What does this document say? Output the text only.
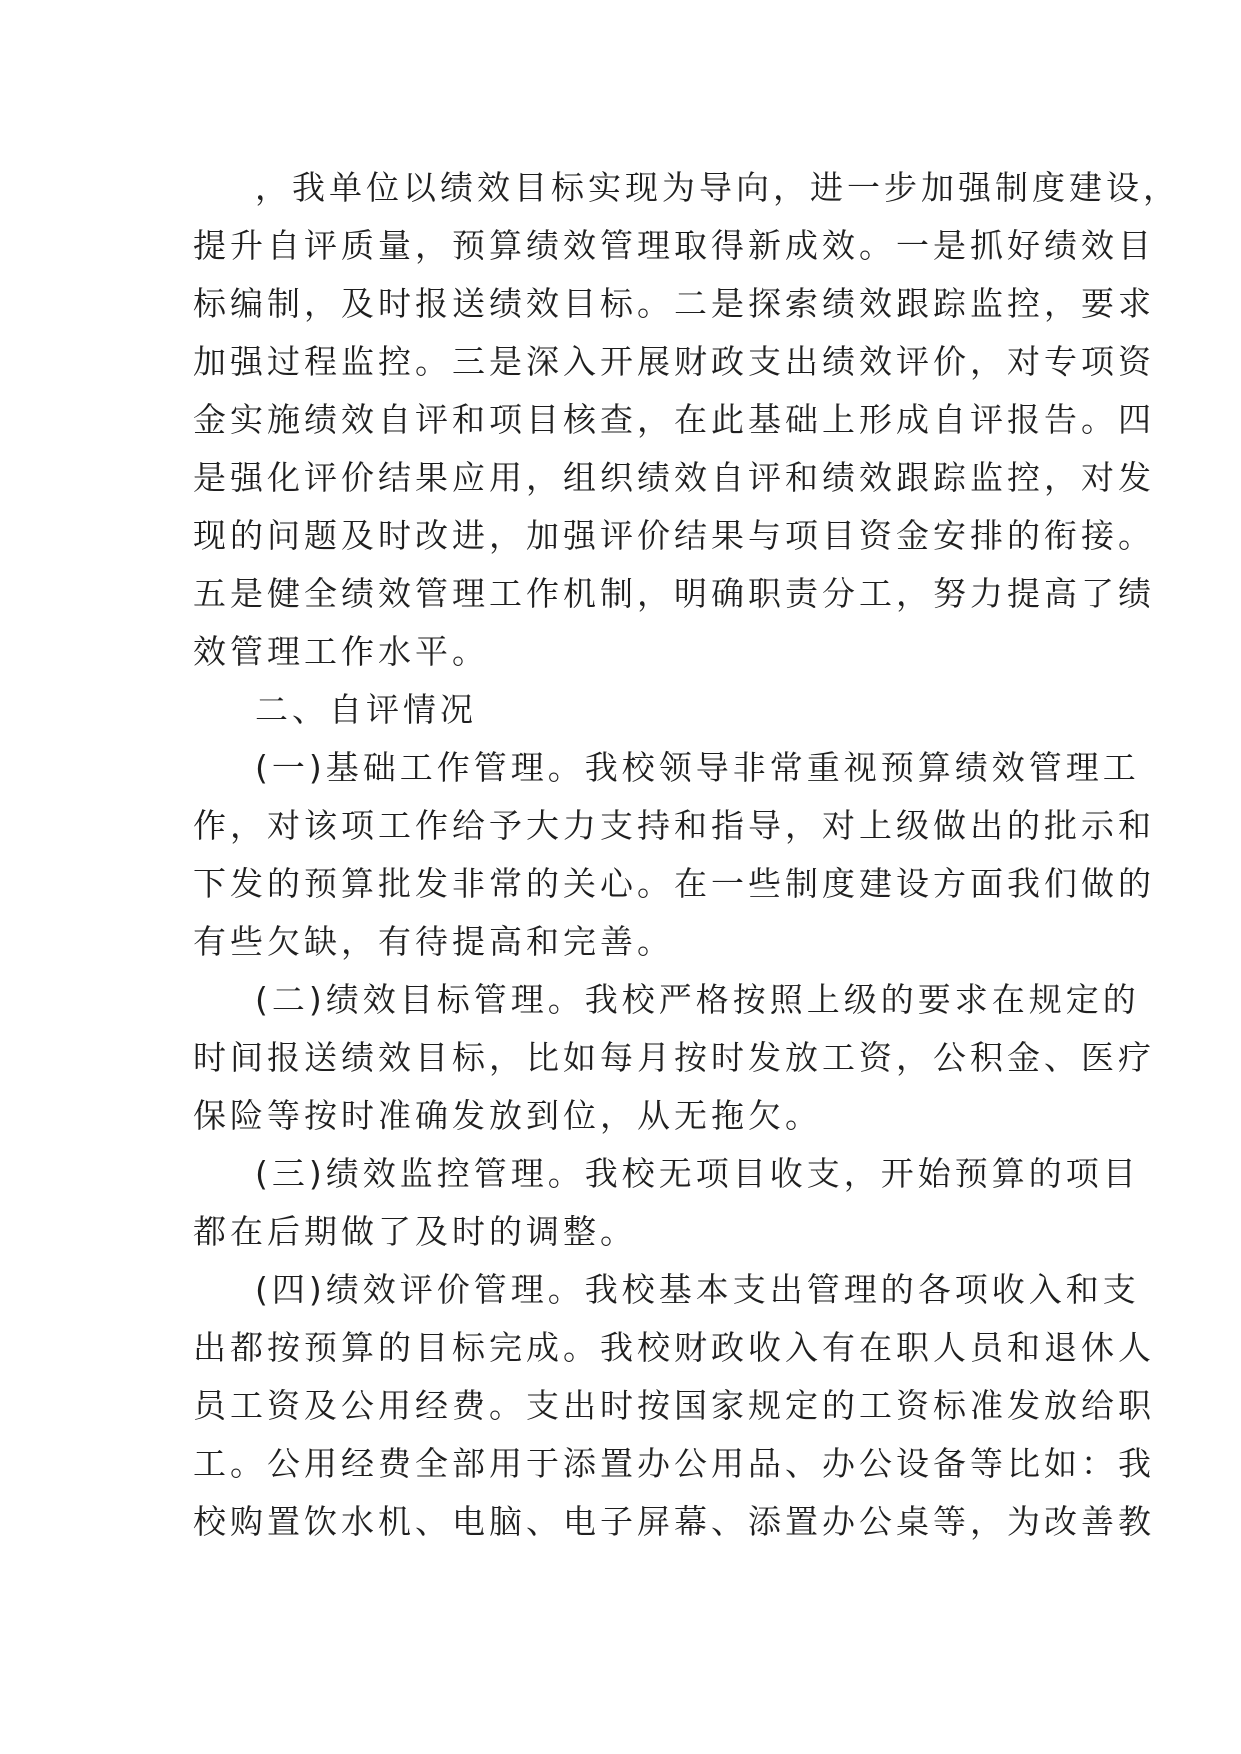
，我单位以绩效目标实现为导向，进一步加强制度建设，
提升自评质量，预算绩效管理取得新成效。一是抓好绩效目
标编制，及时报送绩效目标。二是探索绩效跟踪监控，要求
加强过程监控。三是深入开展财政支出绩效评价，对专项资
金实施绩效自评和项目核查，在此基础上形成自评报告。四
是强化评价结果应用，组织绩效自评和绩效跟踪监控，对发
现的问题及时改进，加强评价结果与项目资金安排的衔接。
五是健全绩效管理工作机制，明确职责分工，努力提高了绩
效管理工作水平。
二、自评情况
(一)基础工作管理。我校领导非常重视预算绩效管理工
作，对该项工作给予大力支持和指导，对上级做出的批示和
下发的预算批发非常的关心。在一些制度建设方面我们做的
有些欠缺，有待提高和完善。
(二)绩效目标管理。我校严格按照上级的要求在规定的
时间报送绩效目标，比如每月按时发放工资，公积金、医疗
保险等按时准确发放到位，从无拖欠。
(三)绩效监控管理。我校无项目收支，开始预算的项目
都在后期做了及时的调整。
(四)绩效评价管理。我校基本支出管理的各项收入和支
出都按预算的目标完成。我校财政收入有在职人员和退休人
员工资及公用经费。支出时按国家规定的工资标准发放给职
工。公用经费全部用于添置办公用品、办公设备等比如：我
校购置饮水机、电脑、电子屏幕、添置办公桌等，为改善教
